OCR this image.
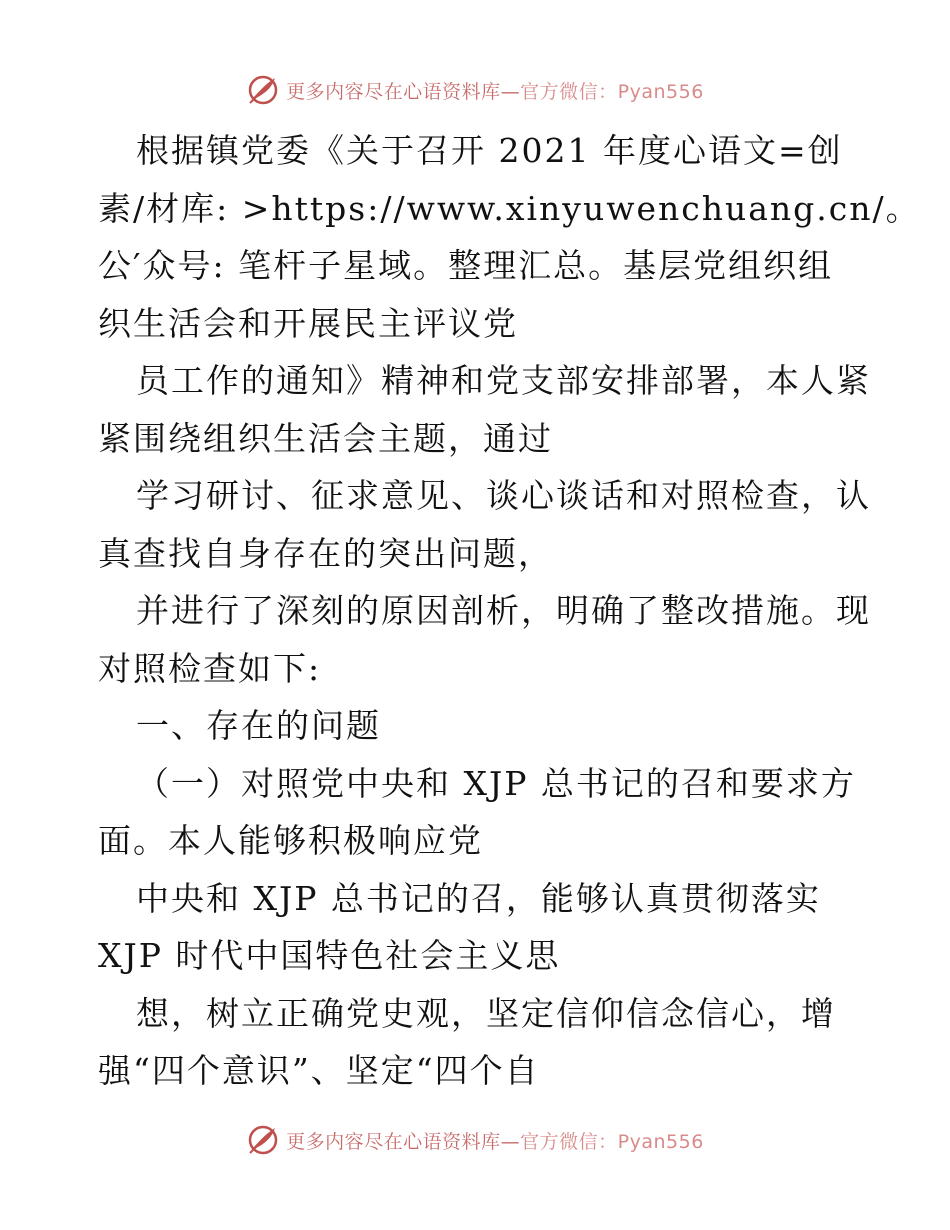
更多内容尽在心语资料库—官方微信：Pyan556
根据镇党委《关于召开 2021 年度心语文=创
素/材库: >https://www.xinyuwenchuang.cn/。
公′众号: 笔杆子星域。整理汇总。基层党组织组
织生活会和开展民主评议党
员工作的通知》精神和党支部安排部署，本人紧
紧围绕组织生活会主题，通过
学习研讨、征求意见、谈心谈话和对照检查，认
真查找自身存在的突出问题，
并进行了深刻的原因剖析，明确了整改措施。现
对照检查如下:
一、存在的问题
（一）对照党中央和 XJP 总书记的召和要求方
面。本人能够积极响应党
中央和 XJP 总书记的召，能够认真贯彻落实
XJP 时代中国特色社会主义思
想，树立正确党史观，坚定信仰信念信心，增
强“四个意识”、坚定“四个自
更多内容尽在心语资料库—官方微信：Pyan556
